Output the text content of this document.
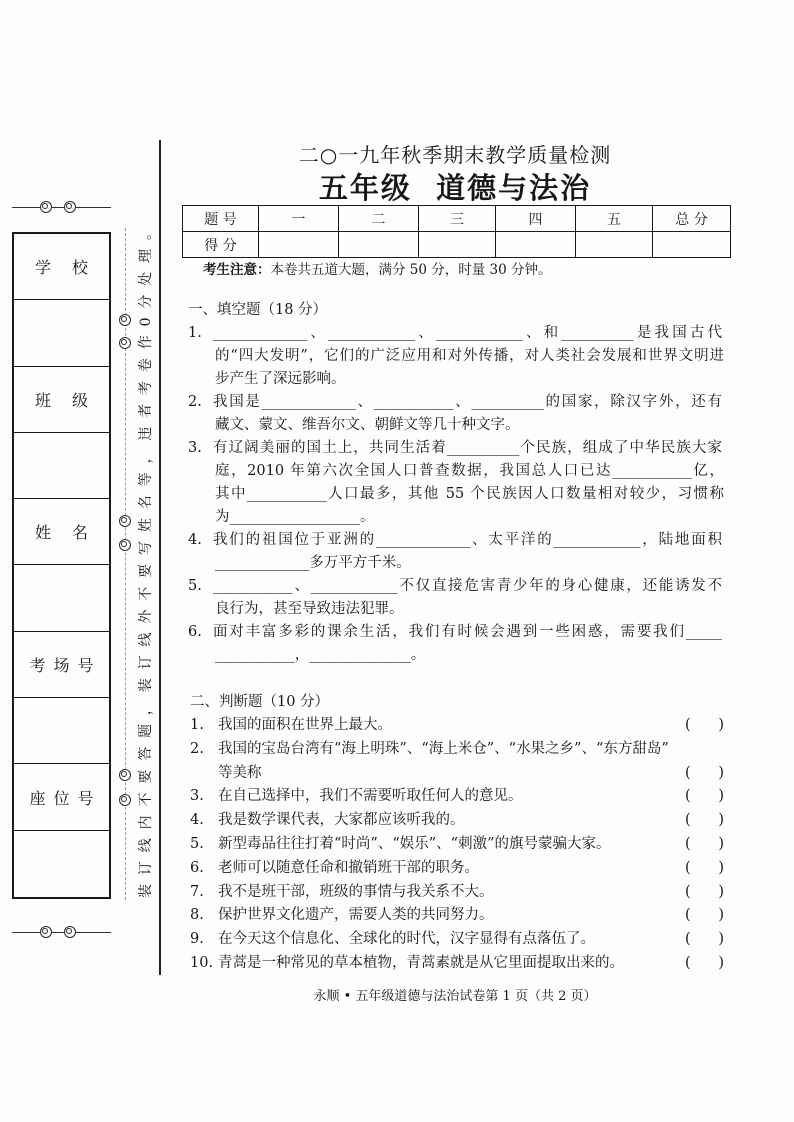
学 校
班 级
姓 名
考场号
座位号	装订线内不要答题，装订线外不要写姓名等，违者考卷作0分处理。
二○一九年秋季期末教学质量检测
五年级  道德与法治
题 号	一	二	三	四	五	总 分
得 分						
考生注意：本卷共五道大题，满分 50 分，时量 30 分钟。
一、填空题（18 分）
1. _____________、____________、____________、和__________是我国古代
的“四大发明”，它们的广泛应用和对外传播，对人类社会发展和世界文明进
步产生了深远影响。
2. 我国是_____________、___________、__________的国家，除汉字外，还有
藏文、蒙文、维吾尔文、朝鲜文等几十种文字。
3. 有辽阔美丽的国土上，共同生活着__________个民族，组成了中华民族大家
庭，2010 年第六次全国人口普查数据，我国总人口已达___________亿，
其中___________人口最多，其他 55 个民族因人口数量相对较少，习惯称
为__________________。
4. 我们的祖国位于亚洲的_____________、太平洋的____________，陆地面积
_____________多万平方千米。
5. ___________、____________不仅直接危害青少年的身心健康，还能诱发不
良行为，甚至导致违法犯罪。
6. 面对丰富多彩的课余生活，我们有时候会遇到一些困惑，需要我们_____
___________，______________。
二、判断题（10 分）
1. 我国的面积在世界上最大。	(      )
2. 我国的宝岛台湾有“海上明珠”、“海上米仓”、“水果之乡”、“东方甜岛”
等美称	(      )
3. 在自己选择中，我们不需要听取任何人的意见。	(      )
4. 我是数学课代表，大家都应该听我的。	(      )
5. 新型毒品往往打着“时尚”、“娱乐”、“刺激”的旗号蒙骗大家。	(      )
6. 老师可以随意任命和撤销班干部的职务。	(      )
7. 我不是班干部，班级的事情与我关系不大。	(      )
8. 保护世界文化遗产，需要人类的共同努力。	(      )
9. 在今天这个信息化、全球化的时代，汉字显得有点落伍了。	(      )
10. 青蒿是一种常见的草本植物，青蒿素就是从它里面提取出来的。	(      )
永顺 • 五年级道德与法治试卷第 1 页（共 2 页）
